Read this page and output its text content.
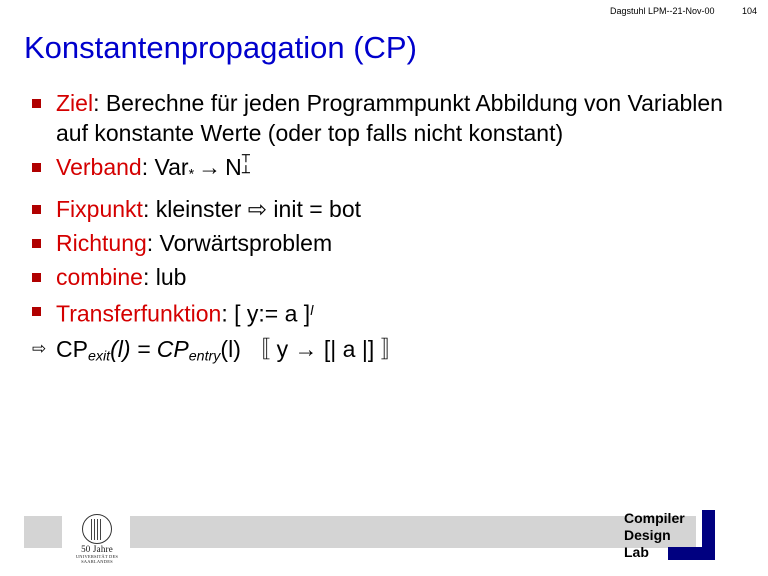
Dagstuhl LPM--21-Nov-00	104
Konstantenpropagation (CP)
Ziel: Berechne für jeden Programmpunkt Abbildung von Variablen auf konstante Werte (oder top falls nicht konstant)
Verband: Var$_*$ → N ⊤
⊥
Fixpunkt: kleinster ⇨ init = bot
Richtung: Vorwärtsproblem
combine: lub
Transferfunktion: [ y:= a ]$^l$
⇨ $CP_{exit}(l) = CP_{entry}(l)$ 〚 y → [| a |] 〛
50 Jahre
UNIVERSITÄT DES SAARLANDES
Compiler
Design
Lab
